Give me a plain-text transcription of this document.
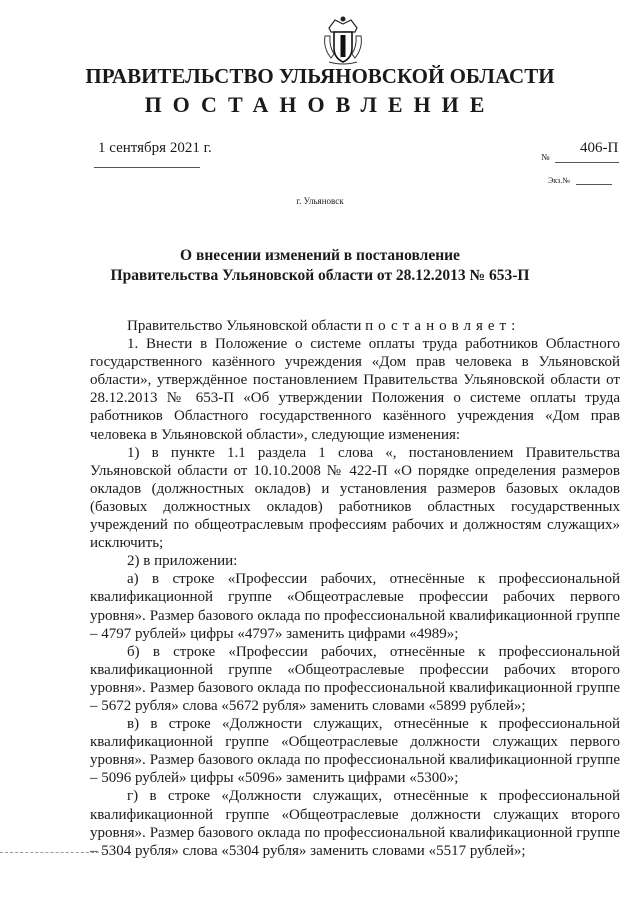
ПРАВИТЕЛЬСТВО УЛЬЯНОВСКОЙ ОБЛАСТИ
ПОСТАНОВЛЕНИЕ
1 сентября 2021 г.
№
406-П
Экз.№
г. Ульяновск
О внесении изменений в постановление
Правительства Ульяновской области от 28.12.2013 № 653-П

Правительство Ульяновской области постановляет:

1. Внести в Положение о системе оплаты труда работников Областного государственного казённого учреждения «Дом прав человека в Ульяновской области», утверждённое постановлением Правительства Ульяновской области от 28.12.2013 № 653-П «Об утверждении Положения о системе оплаты труда работников Областного государственного казённого учреждения «Дом прав человека в Ульяновской области», следующие изменения:

1) в пункте 1.1 раздела 1 слова «, постановлением Правительства Ульяновской области от 10.10.2008 № 422-П «О порядке определения размеров окладов (должностных окладов) и установления размеров базовых окладов (базовых должностных окладов) работников областных государственных учреждений по общеотраслевым профессиям рабочих и должностям служащих» исключить;

2) в приложении:

а) в строке «Профессии рабочих, отнесённые к профессиональной квалификационной группе «Общеотраслевые профессии рабочих первого уровня». Размер базового оклада по профессиональной квалификационной группе – 4797 рублей» цифры «4797» заменить цифрами «4989»;

б) в строке «Профессии рабочих, отнесённые к профессиональной квалификационной группе «Общеотраслевые профессии рабочих второго уровня». Размер базового оклада по профессиональной квалификационной группе – 5672 рубля» слова «5672 рубля» заменить словами «5899 рублей»;

в) в строке «Должности служащих, отнесённые к профессиональной квалификационной группе «Общеотраслевые должности служащих первого уровня». Размер базового оклада по профессиональной квалификационной группе – 5096 рублей» цифры «5096» заменить цифрами «5300»;

г) в строке «Должности служащих, отнесённые к профессиональной квалификационной группе «Общеотраслевые должности служащих второго уровня». Размер базового оклада по профессиональной квалификационной группе – 5304 рубля» слова «5304 рубля» заменить словами «5517 рублей»;
